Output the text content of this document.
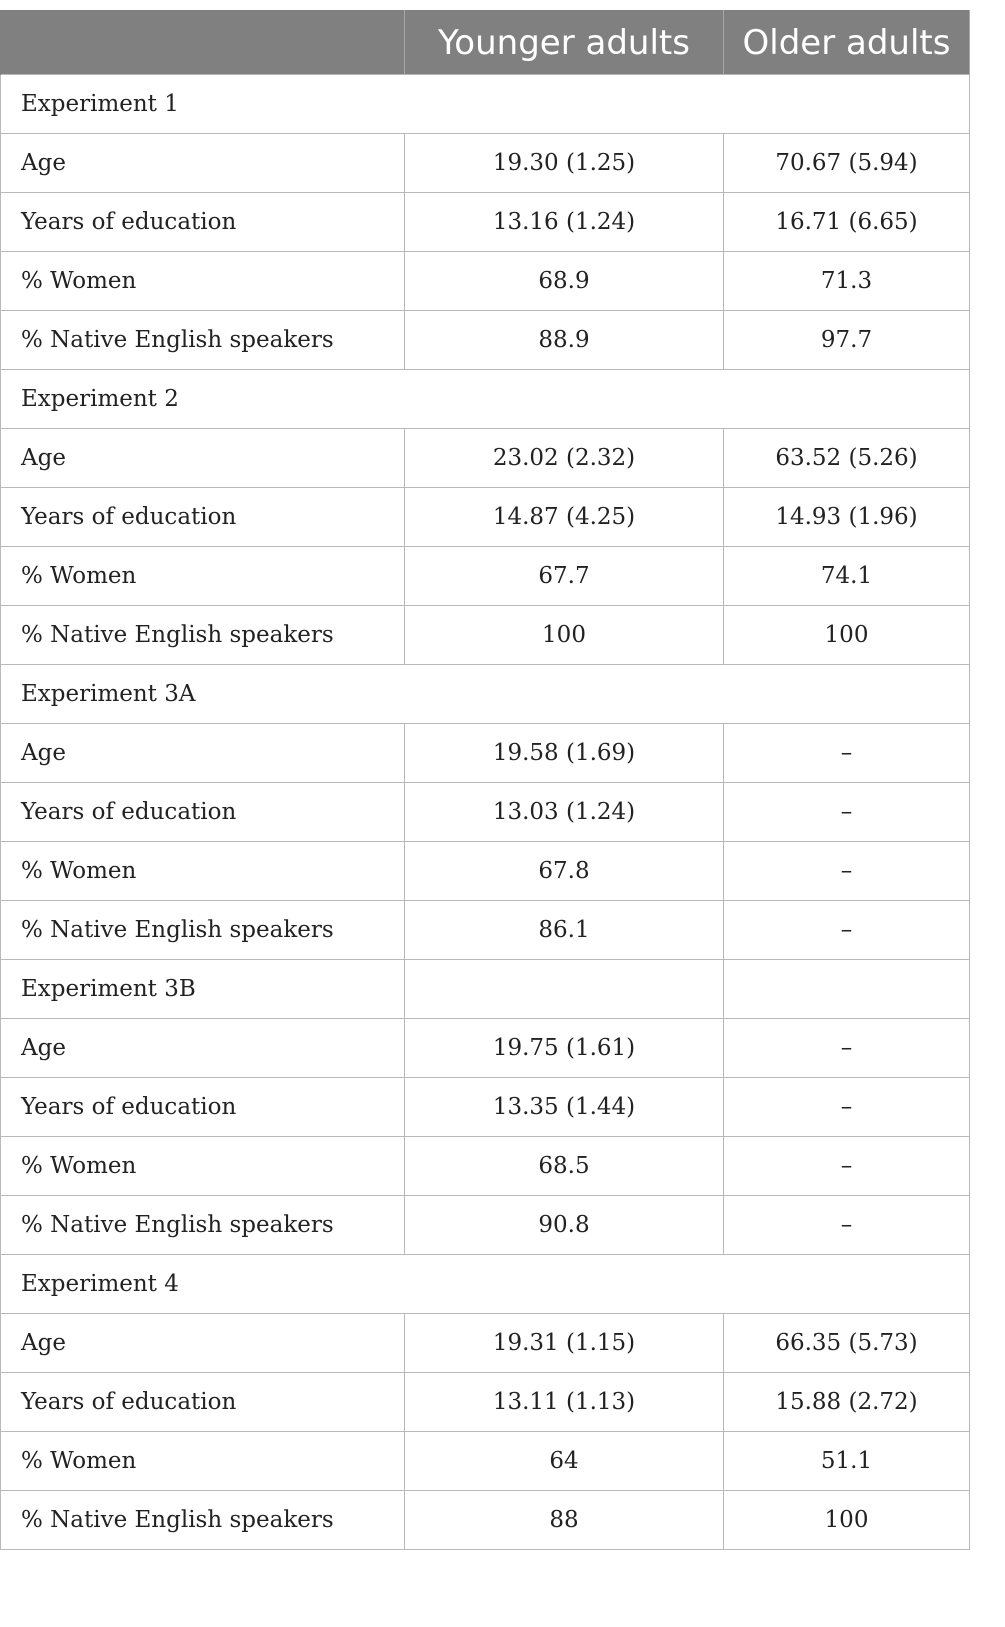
	Younger adults	Older adults
Experiment 1		
Age	19.30 (1.25)	70.67 (5.94)
Years of education	13.16 (1.24)	16.71 (6.65)
% Women	68.9	71.3
% Native English speakers	88.9	97.7
Experiment 2		
Age	23.02 (2.32)	63.52 (5.26)
Years of education	14.87 (4.25)	14.93 (1.96)
% Women	67.7	74.1
% Native English speakers	100	100
Experiment 3A		
Age	19.58 (1.69)	–
Years of education	13.03 (1.24)	–
% Women	67.8	–
% Native English speakers	86.1	–
Experiment 3B		
Age	19.75 (1.61)	–
Years of education	13.35 (1.44)	–
% Women	68.5	–
% Native English speakers	90.8	–
Experiment 4		
Age	19.31 (1.15)	66.35 (5.73)
Years of education	13.11 (1.13)	15.88 (2.72)
% Women	64	51.1
% Native English speakers	88	100
